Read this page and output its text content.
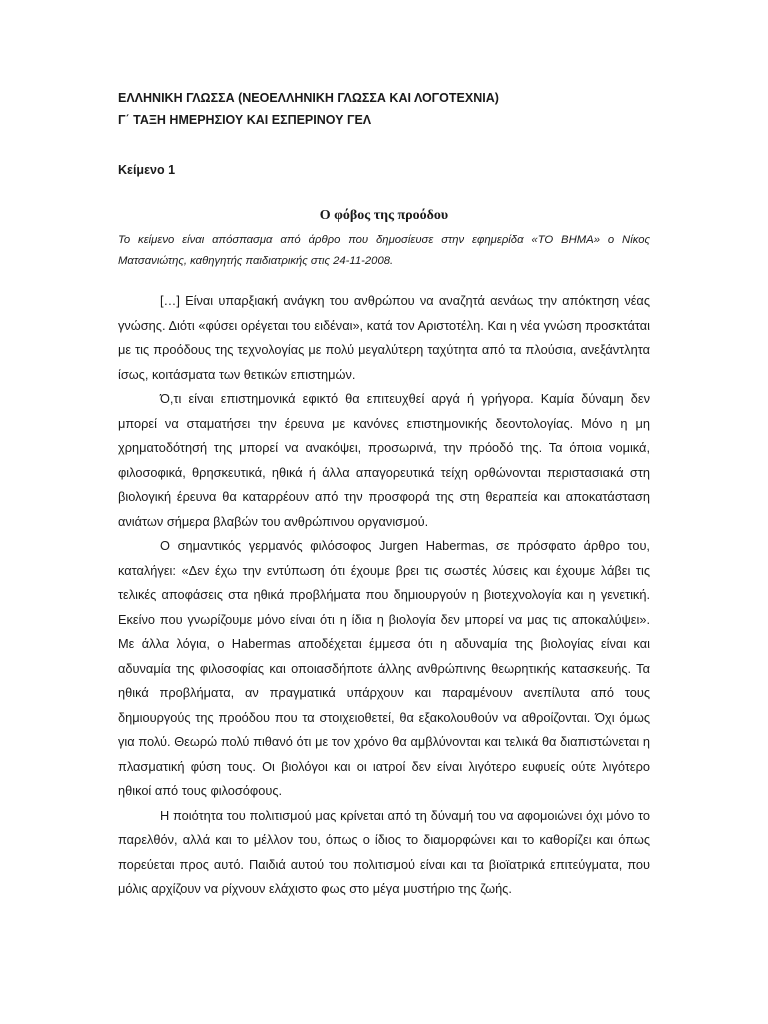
ΕΛΛΗΝΙΚΗ ΓΛΩΣΣΑ (ΝΕΟΕΛΛΗΝΙΚΗ ΓΛΩΣΣΑ ΚΑΙ ΛΟΓΟΤΕΧΝΙΑ)

Γ΄ ΤΑΞΗ ΗΜΕΡΗΣΙΟΥ ΚΑΙ ΕΣΠΕΡΙΝΟΥ ΓΕΛ

Κείμενο 1

Ο φόβος της προόδου

Το κείμενο είναι απόσπασμα από άρθρο που δημοσίευσε στην εφημερίδα «ΤΟ ΒΗΜΑ» ο Νίκος Ματσανιώτης, καθηγητής παιδιατρικής στις 24-11-2008.

[…] Είναι υπαρξιακή ανάγκη του ανθρώπου να αναζητά αενάως την απόκτηση νέας γνώσης. Διότι «φύσει ορέγεται του ειδέναι», κατά τον Αριστοτέλη. Και η νέα γνώση προσκτάται με τις προόδους της τεχνολογίας με πολύ μεγαλύτερη ταχύτητα από τα πλούσια, ανεξάντλητα ίσως, κοιτάσματα των θετικών επιστημών.

Ό,τι είναι επιστημονικά εφικτό θα επιτευχθεί αργά ή γρήγορα. Καμία δύναμη δεν μπορεί να σταματήσει την έρευνα με κανόνες επιστημονικής δεοντολογίας. Μόνο η μη χρηματοδότησή της μπορεί να ανακόψει, προσωρινά, την πρόοδό της. Τα όποια νομικά, φιλοσοφικά, θρησκευτικά, ηθικά ή άλλα απαγορευτικά τείχη ορθώνονται περιστασιακά στη βιολογική έρευνα θα καταρρέουν από την προσφορά της στη θεραπεία και αποκατάσταση ανιάτων σήμερα βλαβών του ανθρώπινου οργανισμού.

Ο σημαντικός γερμανός φιλόσοφος Jurgen Habermas, σε πρόσφατο άρθρο του, καταλήγει: «Δεν έχω την εντύπωση ότι έχουμε βρει τις σωστές λύσεις και έχουμε λάβει τις τελικές αποφάσεις στα ηθικά προβλήματα που δημιουργούν η βιοτεχνολογία και η γενετική. Εκείνο που γνωρίζουμε μόνο είναι ότι η ίδια η βιολογία δεν μπορεί να μας τις αποκαλύψει». Με άλλα λόγια, ο Habermas αποδέχεται έμμεσα ότι η αδυναμία της βιολογίας είναι και αδυναμία της φιλοσοφίας και οποιασδήποτε άλλης ανθρώπινης θεωρητικής κατασκευής. Τα ηθικά προβλήματα, αν πραγματικά υπάρχουν και παραμένουν ανεπίλυτα από τους δημιουργούς της προόδου που τα στοιχειοθετεί, θα εξακολουθούν να αθροίζονται. Όχι όμως για πολύ. Θεωρώ πολύ πιθανό ότι με τον χρόνο θα αμβλύνονται και τελικά θα διαπιστώνεται η πλασματική φύση τους. Οι βιολόγοι και οι ιατροί δεν είναι λιγότερο ευφυείς ούτε λιγότερο ηθικοί από τους φιλοσόφους.

Η ποιότητα του πολιτισμού μας κρίνεται από τη δύναμή του να αφομοιώνει όχι μόνο το παρελθόν, αλλά και το μέλλον του, όπως ο ίδιος το διαμορφώνει και το καθορίζει και όπως πορεύεται προς αυτό. Παιδιά αυτού του πολιτισμού είναι και τα βιοϊατρικά επιτεύγματα, που μόλις αρχίζουν να ρίχνουν ελάχιστο φως στο μέγα μυστήριο της ζωής.
